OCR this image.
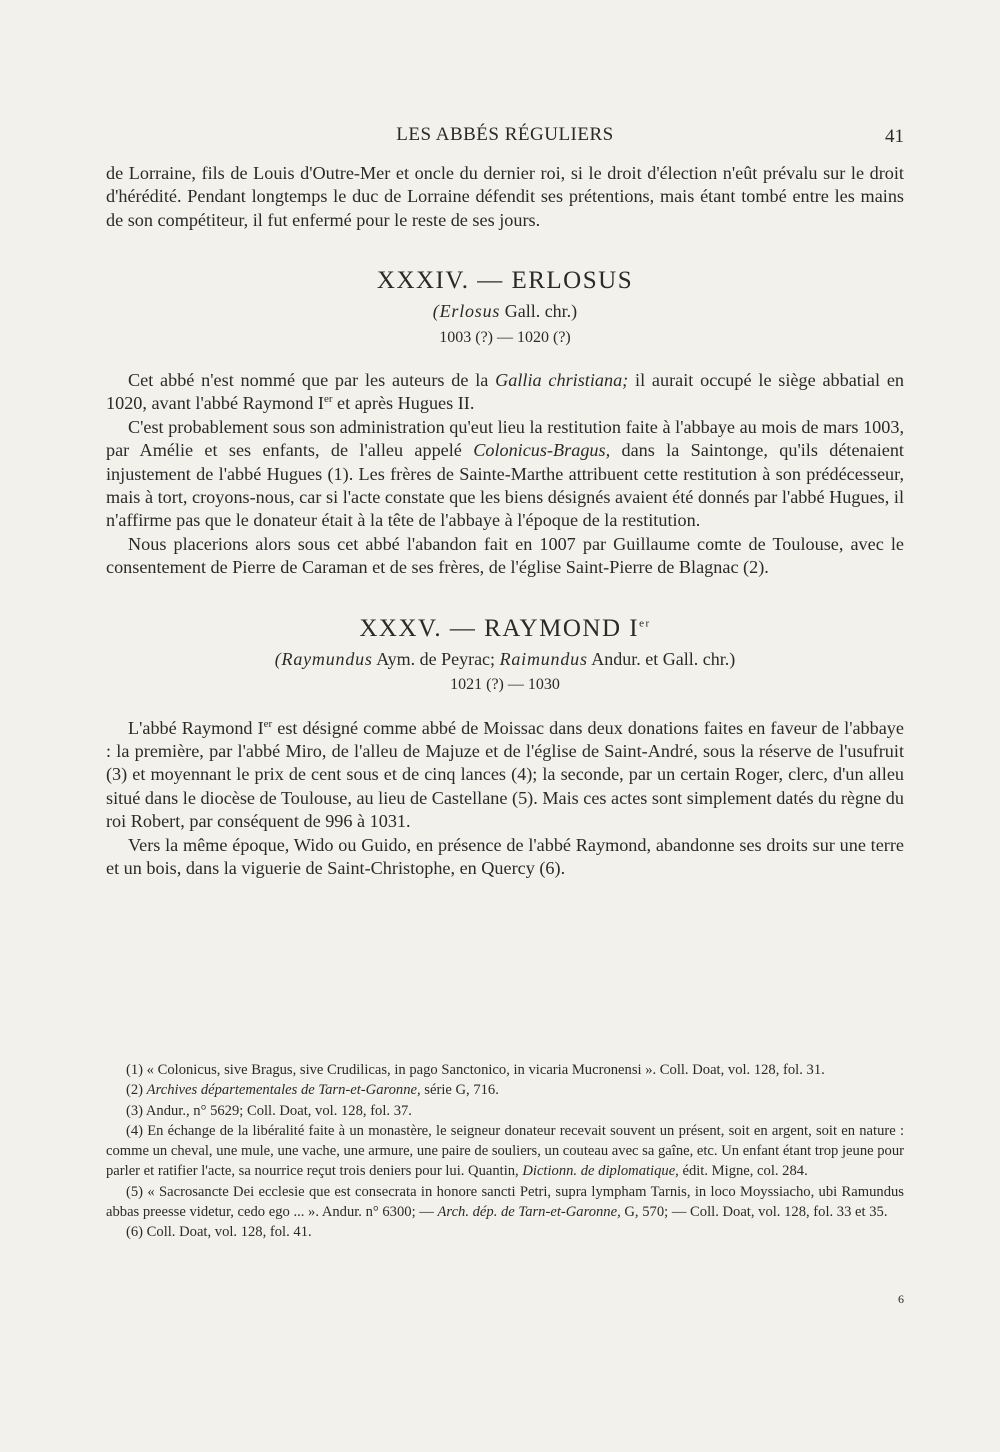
LES ABBÉS RÉGULIERS	41

de Lorraine, fils de Louis d'Outre-Mer et oncle du dernier roi, si le droit d'élection n'eût prévalu sur le droit d'hérédité. Pendant longtemps le duc de Lorraine défendit ses prétentions, mais étant tombé entre les mains de son compétiteur, il fut enfermé pour le reste de ses jours.

XXXIV. — ERLOSUS
(Erlosus Gall. chr.)
1003 (?) — 1020 (?)

Cet abbé n'est nommé que par les auteurs de la Gallia christiana; il aurait occupé le siège abbatial en 1020, avant l'abbé Raymond Ier et après Hugues II.

C'est probablement sous son administration qu'eut lieu la restitution faite à l'abbaye au mois de mars 1003, par Amélie et ses enfants, de l'alleu appelé Colonicus-Bragus, dans la Saintonge, qu'ils détenaient injustement de l'abbé Hugues (1). Les frères de Sainte-Marthe attribuent cette restitution à son prédécesseur, mais à tort, croyons-nous, car si l'acte constate que les biens désignés avaient été donnés par l'abbé Hugues, il n'affirme pas que le donateur était à la tête de l'abbaye à l'époque de la restitution.

Nous placerions alors sous cet abbé l'abandon fait en 1007 par Guillaume comte de Toulouse, avec le consentement de Pierre de Caraman et de ses frères, de l'église Saint-Pierre de Blagnac (2).

XXXV. — RAYMOND Ier
(Raymundus Aym. de Peyrac; Raimundus Andur. et Gall. chr.)
1021 (?) — 1030

L'abbé Raymond Ier est désigné comme abbé de Moissac dans deux donations faites en faveur de l'abbaye : la première, par l'abbé Miro, de l'alleu de Majuze et de l'église de Saint-André, sous la réserve de l'usufruit (3) et moyennant le prix de cent sous et de cinq lances (4); la seconde, par un certain Roger, clerc, d'un alleu situé dans le diocèse de Toulouse, au lieu de Castellane (5). Mais ces actes sont simplement datés du règne du roi Robert, par conséquent de 996 à 1031.

Vers la même époque, Wido ou Guido, en présence de l'abbé Raymond, abandonne ses droits sur une terre et un bois, dans la viguerie de Saint-Christophe, en Quercy (6).

(1) « Colonicus, sive Bragus, sive Crudilicas, in pago Sanctonico, in vicaria Mucronensi ». Coll. Doat, vol. 128, fol. 31.

(2) Archives départementales de Tarn-et-Garonne, série G, 716.

(3) Andur., n° 5629; Coll. Doat, vol. 128, fol. 37.

(4) En échange de la libéralité faite à un monastère, le seigneur donateur recevait souvent un présent, soit en argent, soit en nature : comme un cheval, une mule, une vache, une armure, une paire de souliers, un couteau avec sa gaîne, etc. Un enfant étant trop jeune pour parler et ratifier l'acte, sa nourrice reçut trois deniers pour lui. Quantin, Dictionn. de diplomatique, édit. Migne, col. 284.

(5) « Sacrosancte Dei ecclesie que est consecrata in honore sancti Petri, supra lympham Tarnis, in loco Moyssiacho, ubi Ramundus abbas preesse videtur, cedo ego ... ». Andur. n° 6300; — Arch. dép. de Tarn-et-Garonne, G, 570; — Coll. Doat, vol. 128, fol. 33 et 35.

(6) Coll. Doat, vol. 128, fol. 41.

6
